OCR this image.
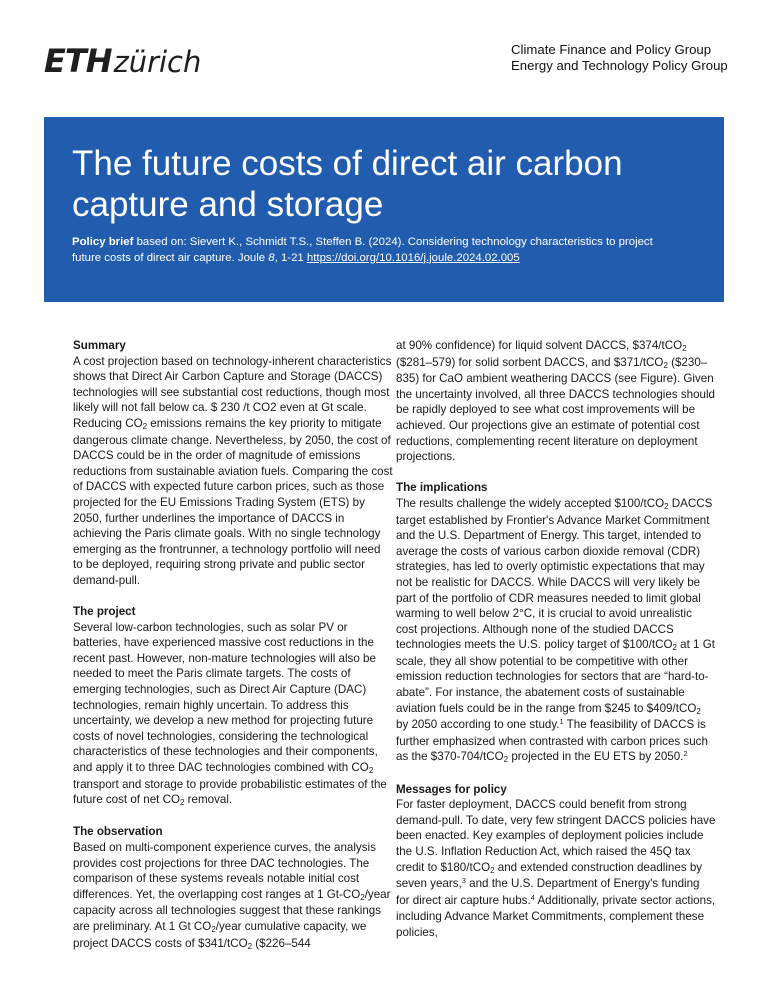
ETH zürich	Climate Finance and Policy Group
Energy and Technology Policy Group
The future costs of direct air carbon
capture and storage
Policy brief based on: Sievert K., Schmidt T.S., Steffen B. (2024). Considering technology characteristics to project
future costs of direct air capture. Joule 8, 1-21 https://doi.org/10.1016/j.joule.2024.02.005
Summary

A cost projection based on technology-inherent characteristics shows that Direct Air Carbon Capture and Storage (DACCS) technologies will see substantial cost reductions, though most likely will not fall below ca. $ 230 /t CO2 even at Gt scale. Reducing $CO_2$ emissions remains the key priority to mitigate dangerous climate change. Nevertheless, by 2050, the cost of DACCS could be in the order of magnitude of emissions reductions from sustainable aviation fuels. Comparing the cost of DACCS with expected future carbon prices, such as those projected for the EU Emissions Trading System (ETS) by 2050, further underlines the importance of DACCS in achieving the Paris climate goals. With no single technology emerging as the frontrunner, a technology portfolio will need to be deployed, requiring strong private and public sector demand-pull.

The project

Several low-carbon technologies, such as solar PV or batteries, have experienced massive cost reductions in the recent past. However, non-mature technologies will also be needed to meet the Paris climate targets. The costs of emerging technologies, such as Direct Air Capture (DAC) technologies, remain highly uncertain. To address this uncertainty, we develop a new method for projecting future costs of novel technologies, considering the technological characteristics of these technologies and their components, and apply it to three DAC technologies combined with $CO_2$ transport and storage to provide probabilistic estimates of the future cost of net $CO_2$ removal.

The observation

Based on multi-component experience curves, the analysis provides cost projections for three DAC technologies. The comparison of these systems reveals notable initial cost differences. Yet, the overlapping cost ranges at 1 $Gt-CO_2$/year capacity across all technologies suggest that these rankings are preliminary. At 1 Gt $CO_2$/year cumulative capacity, we project DACCS costs of $341/tCO$_2$ ($226–544

at 90% confidence) for liquid solvent DACCS, $374/tCO$_2$ ($281–579) for solid sorbent DACCS, and $371/tCO$_2$ ($230–835) for CaO ambient weathering DACCS (see Figure). Given the uncertainty involved, all three DACCS technologies should be rapidly deployed to see what cost improvements will be achieved. Our projections give an estimate of potential cost reductions, complementing recent literature on deployment projections.

The implications

The results challenge the widely accepted $100/tCO$_2$ DACCS target established by Frontier's Advance Market Commitment and the U.S. Department of Energy. This target, intended to average the costs of various carbon dioxide removal (CDR) strategies, has led to overly optimistic expectations that may not be realistic for DACCS. While DACCS will very likely be part of the portfolio of CDR measures needed to limit global warming to well below 2°C, it is crucial to avoid unrealistic cost projections. Although none of the studied DACCS technologies meets the U.S. policy target of $100/tCO$_2$ at 1 Gt scale, they all show potential to be competitive with other emission reduction technologies for sectors that are “hard-to-abate”. For instance, the abatement costs of sustainable aviation fuels could be in the range from $245 to $409/tCO$_2$ by 2050 according to one study.$^1$ The feasibility of DACCS is further emphasized when contrasted with carbon prices such as the $370-704/tCO$_2$ projected in the EU ETS by 2050.$^2$

Messages for policy

For faster deployment, DACCS could benefit from strong demand-pull. To date, very few stringent DACCS policies have been enacted. Key examples of deployment policies include the U.S. Inflation Reduction Act, which raised the 45Q tax credit to $180/tCO$_2$ and extended construction deadlines by seven years,$^3$ and the U.S. Department of Energy's funding for direct air capture hubs.$^4$ Additionally, private sector actions, including Advance Market Commitments, complement these policies,
